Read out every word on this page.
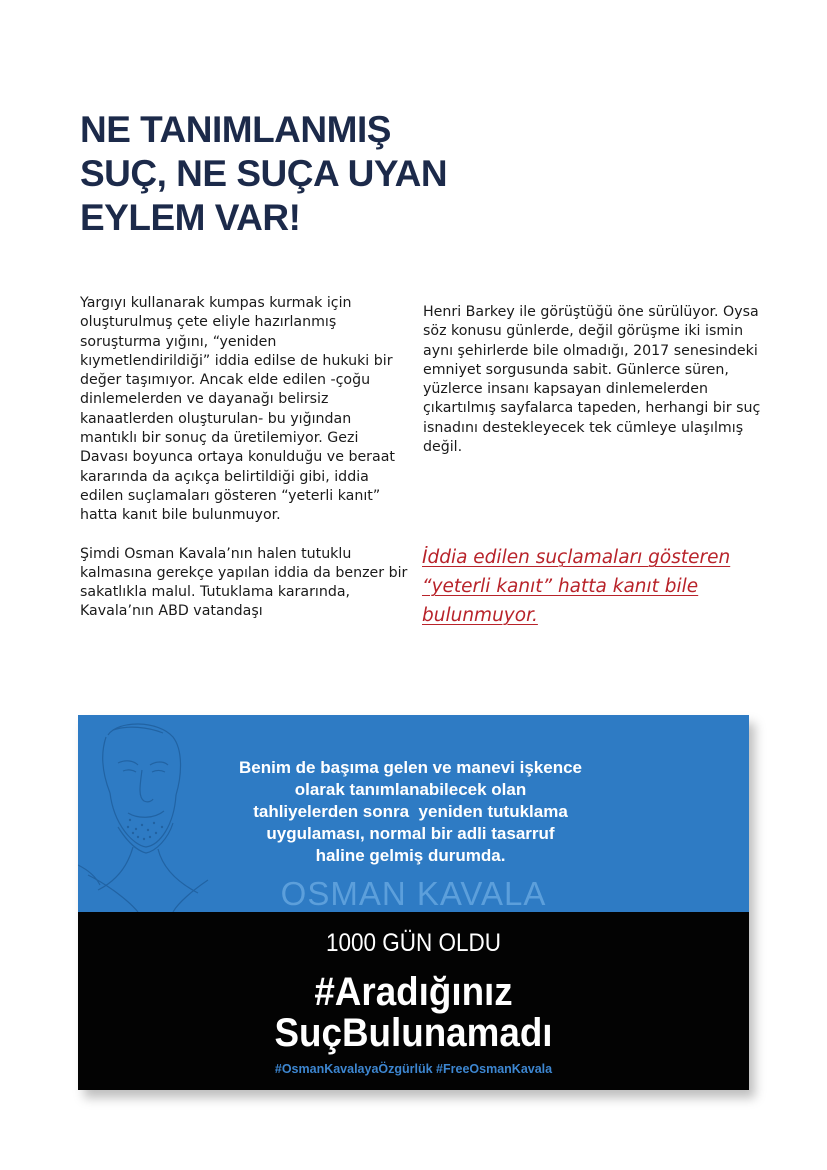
NE TANIMLANMIŞ
SUÇ, NE SUÇA UYAN
EYLEM VAR!

Yargıyı kullanarak kumpas kurmak için oluşturulmuş çete eliyle hazırlanmış soruşturma yığını, “yeniden kıymetlendirildiği” iddia edilse de hukuki bir değer taşımıyor. Ancak elde edilen -çoğu dinlemelerden ve dayanağı belirsiz kanaatlerden oluşturulan- bu yığından mantıklı bir sonuç da üretilemiyor. Gezi Davası boyunca ortaya konulduğu ve beraat kararında da açıkça belirtildiği gibi, iddia edilen suçlamaları gösteren “yeterli kanıt” hatta kanıt bile bulunmuyor.

Şimdi Osman Kavala’nın halen tutuklu kalmasına gerekçe yapılan iddia da benzer bir sakatlıkla malul. Tutuklama kararında, Kavala’nın ABD vatandaşı

Henri Barkey ile görüştüğü öne sürülüyor. Oysa söz konusu günlerde, değil görüşme iki ismin aynı şehirlerde bile olmadığı, 2017 senesindeki emniyet sorgusunda sabit. Günlerce süren, yüzlerce insanı kapsayan dinlemelerden çıkartılmış sayfalarca tapeden, herhangi bir suç isnadını destekleyecek tek cümleye ulaşılmış değil.

İddia edilen suçlamaları gösteren “yeterli kanıt” hatta kanıt bile bulunmuyor.
Benim de başıma gelen ve manevi işkence
olarak tanımlanabilecek olan
tahliyelerden sonra  yeniden tutuklama
uygulaması, normal bir adli tasarruf
haline gelmiş durumda.
OSMAN KAVALA
1000 GÜN OLDU
#Aradığınız
SuçBulunamadı
#OsmanKavalayaÖzgürlük #FreeOsmanKavala
